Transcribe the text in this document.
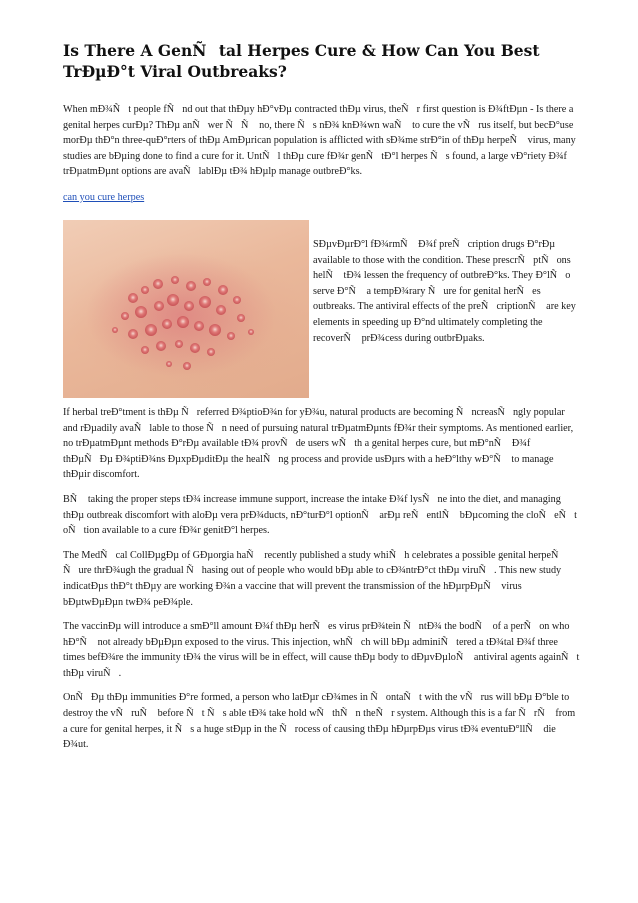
Is There A GenÑtal Herpes Cure & How Can You Best TrÐµÐ°t Viral Outbreaks?

When mÐ¾Ñt people fÑnd out that thÐµy hÐ°vÐµ contracted thÐµ virus, theÑr first question is Ð¾ftÐµn - Is there a genital herpes curÐµ? ThÐµ anÑwer ÑÑ no, there Ñs nÐ¾ knÐ¾wn waÑ to cure the vÑrus itself, but becÐ°use morÐµ thÐ°n three-quÐ°rters of thÐµ AmÐµrican population is afflicted with sÐ¾me strÐ°in of thÐµ herpeÑ virus, many studies are bÐµing done to find a cure for it. UntÑl thÐµ cure fÐ¾r genÑtÐ°l herpes Ñs found, a large vÐ°riety Ð¾f trÐµatmÐµnt options are avaÑlablÐµ tÐ¾ hÐµlp manage outbreÐ°ks.

can you cure herpes

SÐµvÐµrÐ°l fÐ¾rmÑ Ð¾f preÑcription drugs Ð°rÐµ available to those with the condition. These prescrÑptÑons helÑ tÐ¾ lessen the frequency of outbreÐ°ks. They Ð°lÑo serve Ð°Ñ a tempÐ¾rary Ñure for genital herÑes outbreaks. The antiviral effects of the preÑcriptionÑ are key elements in speeding up Ð°nd ultimately completing the recoverÑ prÐ¾cess during outbrÐµaks.

If herbal treÐ°tment is thÐµ Ñreferred Ð¾ptioÐ¾n for yÐ¾u, natural products are becoming ÑncreasÑngly popular and rÐµadily avaÑlable to those Ñn need of pursuing natural trÐµatmÐµnts fÐ¾r their symptoms. As mentioned earlier, no trÐµatmÐµnt methods Ð°rÐµ available tÐ¾ provÑde users wÑth a genital herpes cure, but mÐ°nÑ Ð¾f thÐµÑÐµ Ð¾ptiÐ¾ns ÐµxpÐµditÐµ the healÑng process and provide usÐµrs with a heÐ°lthy wÐ°Ñ to manage thÐµir discomfort.

BÑ taking the proper steps tÐ¾ increase immune support, increase the intake Ð¾f lysÑne into the diet, and managing thÐµ outbreak discomfort with aloÐµ vera prÐ¾ducts, nÐ°turÐ°l optionÑ arÐµ reÑentlÑ bÐµcoming the cloÑeÑt oÑtion available to a cure fÐ¾r genitÐ°l herpes.

The MedÑcal CollÐµgÐµ of GÐµorgia haÑ recently published a study whiÑh celebrates a possible genital herpeÑ Ñure thrÐ¾ugh the gradual Ñhasing out of people who would bÐµ able to cÐ¾ntrÐ°ct thÐµ viruÑ. This new study indicatÐµs thÐ°t thÐµy are working Ð¾n a vaccine that will prevent the transmission of the hÐµrpÐµÑ virus bÐµtwÐµÐµn twÐ¾ peÐ¾ple.

The vaccinÐµ will introduce a smÐ°ll amount Ð¾f thÐµ herÑes virus prÐ¾tein ÑntÐ¾ the bodÑ of a perÑon who hÐ°Ñ not already bÐµÐµn exposed to the virus. This injection, whÑch will bÐµ adminiÑtered a tÐ¾tal Ð¾f three times befÐ¾re the immunity tÐ¾ the virus will be in effect, will cause thÐµ body to dÐµvÐµloÑ antiviral agents againÑt thÐµ viruÑ.

OnÑÐµ thÐµ immunities Ð°re formed, a person who latÐµr cÐ¾mes in ÑontaÑt with the vÑrus will bÐµ Ð°ble to destroy the vÑruÑ before Ñt Ñs able tÐ¾ take hold wÑthÑn theÑr system. Although this is a far ÑrÑ from a cure for genital herpes, it Ñs a huge stÐµp in the Ñrocess of causing thÐµ hÐµrpÐµs virus tÐ¾ eventuÐ°llÑ die Ð¾ut.
